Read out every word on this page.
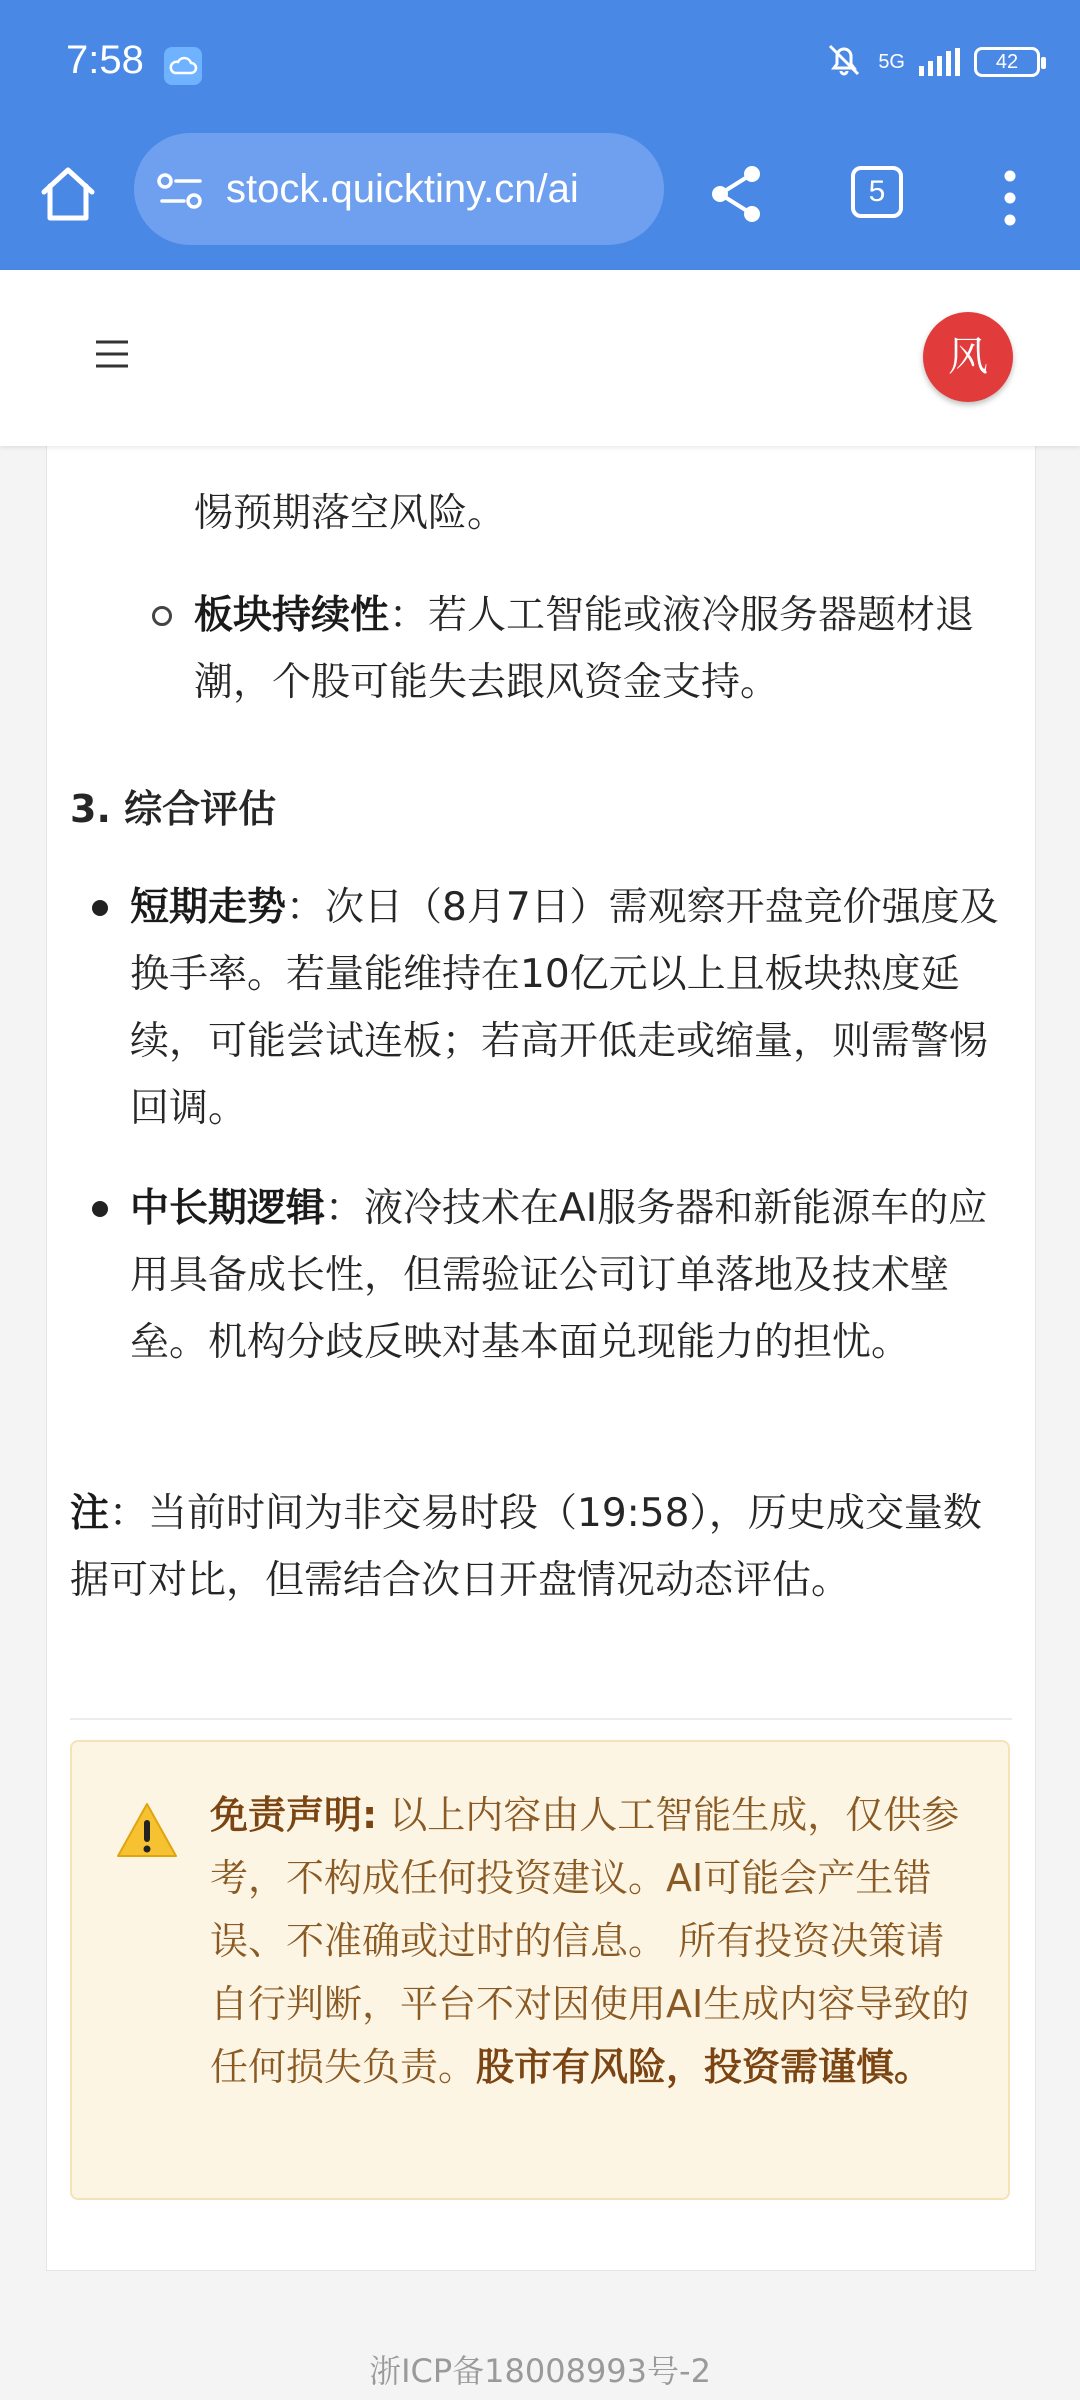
7:58	5G	42
stock.quicktiny.cn/ai	5
风
惕预期落空风险。
板块持续性：若人工智能或液冷服务器题材退潮，个股可能失去跟风资金支持。
3. 综合评估
短期走势：次日（8月7日）需观察开盘竞价强度及换手率。若量能维持在10亿元以上且板块热度延续，可能尝试连板；若高开低走或缩量，则需警惕回调。
中长期逻辑：液冷技术在AI服务器和新能源车的应用具备成长性，但需验证公司订单落地及技术壁垒。机构分歧反映对基本面兑现能力的担忧。
注：当前时间为非交易时段（19:58），历史成交量数据可对比，但需结合次日开盘情况动态评估。
免责声明: 以上内容由人工智能生成，仅供参考，不构成任何投资建议。AI可能会产生错误、不准确或过时的信息。 所有投资决策请自行判断，平台不对因使用AI生成内容导致的任何损失负责。股市有风险，投资需谨慎。
浙ICP备18008993号-2
